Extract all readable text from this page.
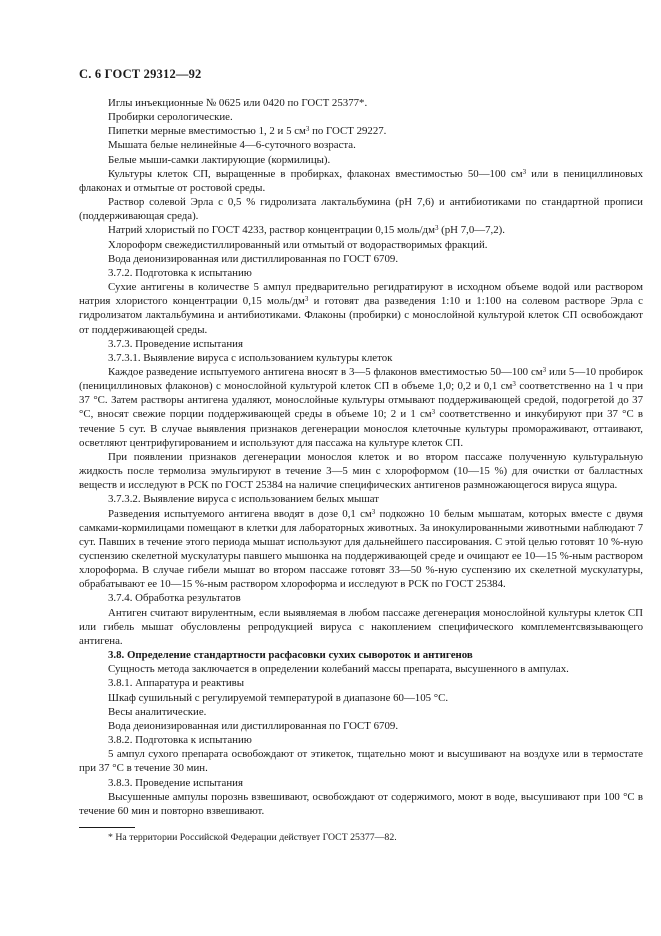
С. 6 ГОСТ 29312—92

Иглы инъекционные № 0625 или 0420 по ГОСТ 25377*.

Пробирки серологические.

Пипетки мерные вместимостью 1, 2 и 5 $см^3$ по ГОСТ 29227.

Мышата белые нелинейные 4—6-суточного возраста.

Белые мыши-самки лактирующие (кормилицы).

Культуры клеток СП, выращенные в пробирках, флаконах вместимостью 50—100 $см^3$ или в пенициллиновых флаконах и отмытые от ростовой среды.

Раствор солевой Эрла с 0,5 % гидролизата лактальбумина (pH 7,6) и антибиотиками по стандартной прописи (поддерживающая среда).

Натрий хлористый по ГОСТ 4233, раствор концентрации 0,15 моль/$дм^3$ (pH 7,0—7,2).

Хлороформ свежедистиллированный или отмытый от водорастворимых фракций.

Вода деионизированная или дистиллированная по ГОСТ 6709.

3.7.2. Подготовка к испытанию

Сухие антигены в количестве 5 ампул предварительно регидратируют в исходном объеме водой или раствором натрия хлористого концентрации 0,15 моль/$дм^3$ и готовят два разведения 1:10 и 1:100 на солевом растворе Эрла с гидролизатом лактальбумина и антибиотиками. Флаконы (пробирки) с монослойной культурой клеток СП освобождают от поддерживающей среды.

3.7.3. Проведение испытания

3.7.3.1. Выявление вируса с использованием культуры клеток

Каждое разведение испытуемого антигена вносят в 3—5 флаконов вместимостью 50—100 $см^3$ или 5—10 пробирок (пенициллиновых флаконов) с монослойной культурой клеток СП в объеме 1,0; 0,2 и 0,1 $см^3$ соответственно на 1 ч при 37 °С. Затем растворы антигена удаляют, монослойные культуры отмывают поддерживающей средой, подогретой до 37 °С, вносят свежие порции поддерживающей среды в объеме 10; 2 и 1 $см^3$ соответственно и инкубируют при 37 °С в течение 5 сут. В случае выявления признаков дегенерации монослоя клеточные культуры промораживают, оттаивают, осветляют центрифугированием и используют для пассажа на культуре клеток СП.

При появлении признаков дегенерации монослоя клеток и во втором пассаже полученную культуральную жидкость после термолиза эмульгируют в течение 3—5 мин с хлороформом (10—15 %) для очистки от балластных веществ и исследуют в РСК по ГОСТ 25384 на наличие специфических антигенов размножающегося вируса ящура.

3.7.3.2. Выявление вируса с использованием белых мышат

Разведения испытуемого антигена вводят в дозе 0,1 $см^3$ подкожно 10 белым мышатам, которых вместе с двумя самками-кормилицами помещают в клетки для лабораторных животных. За инокулированными животными наблюдают 7 сут. Павших в течение этого периода мышат используют для дальнейшего пассирования. С этой целью готовят 10 %-ную суспензию скелетной мускулатуры павшего мышонка на поддерживающей среде и очищают ее 10—15 %-ным раствором хлороформа. В случае гибели мышат во втором пассаже готовят 33—50 %-ную суспензию их скелетной мускулатуры, обрабатывают ее 10—15 %-ным раствором хлороформа и исследуют в РСК по ГОСТ 25384.

3.7.4. Обработка результатов

Антиген считают вирулентным, если выявляемая в любом пассаже дегенерация монослойной культуры клеток СП или гибель мышат обусловлены репродукцией вируса с накоплением специфического комплементсвязывающего антигена.

3.8. Определение стандартности расфасовки сухих сывороток и антигенов

Сущность метода заключается в определении колебаний массы препарата, высушенного в ампулах.

3.8.1. Аппаратура и реактивы

Шкаф сушильный с регулируемой температурой в диапазоне 60—105 °С.

Весы аналитические.

Вода деионизированная или дистиллированная по ГОСТ 6709.

3.8.2. Подготовка к испытанию

5 ампул сухого препарата освобождают от этикеток, тщательно моют и высушивают на воздухе или в термостате при 37 °С в течение 30 мин.

3.8.3. Проведение испытания

Высушенные ампулы порознь взвешивают, освобождают от содержимого, моют в воде, высушивают при 100 °С в течение 60 мин и повторно взвешивают.

* На территории Российской Федерации действует ГОСТ 25377—82.
